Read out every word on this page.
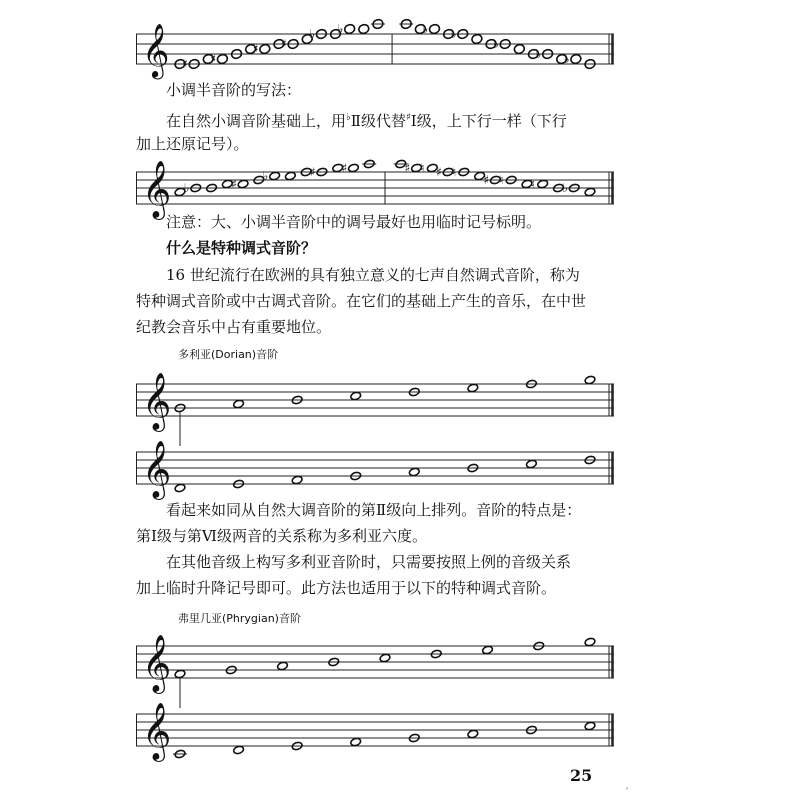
𝄞 ♯ ♯
♯ ♯
♭ ♭	♭ ♭
♭
♭ ♭

小调半音阶的写法：

在自然小调音阶基础上，用♭Ⅱ级代替♯Ⅰ级，上下行一样（下行

加上还原记号）。

𝄞 ♭	♯
♭	♯ ♯	♯ ♮ ♯ ♮
♯ ♮ ♮ ♭

注意：大、小调半音阶中的调号最好也用临时记号标明。

什么是特种调式音阶？

16 世纪流行在欧洲的具有独立意义的七声自然调式音阶，称为

特种调式音阶或中古调式音阶。在它们的基础上产生的音乐，在中世

纪教会音乐中占有重要地位。

多利亚(Dorian)音阶

𝄞
𝄞

看起来如同从自然大调音阶的第Ⅱ级向上排列。音阶的特点是：

第Ⅰ级与第Ⅵ级两音的关系称为多利亚六度。

在其他音级上构写多利亚音阶时，只需要按照上例的音级关系

加上临时升降记号即可。此方法也适用于以下的特种调式音阶。

弗里几亚(Phrygian)音阶

𝄞
𝄞
25
ˊ
